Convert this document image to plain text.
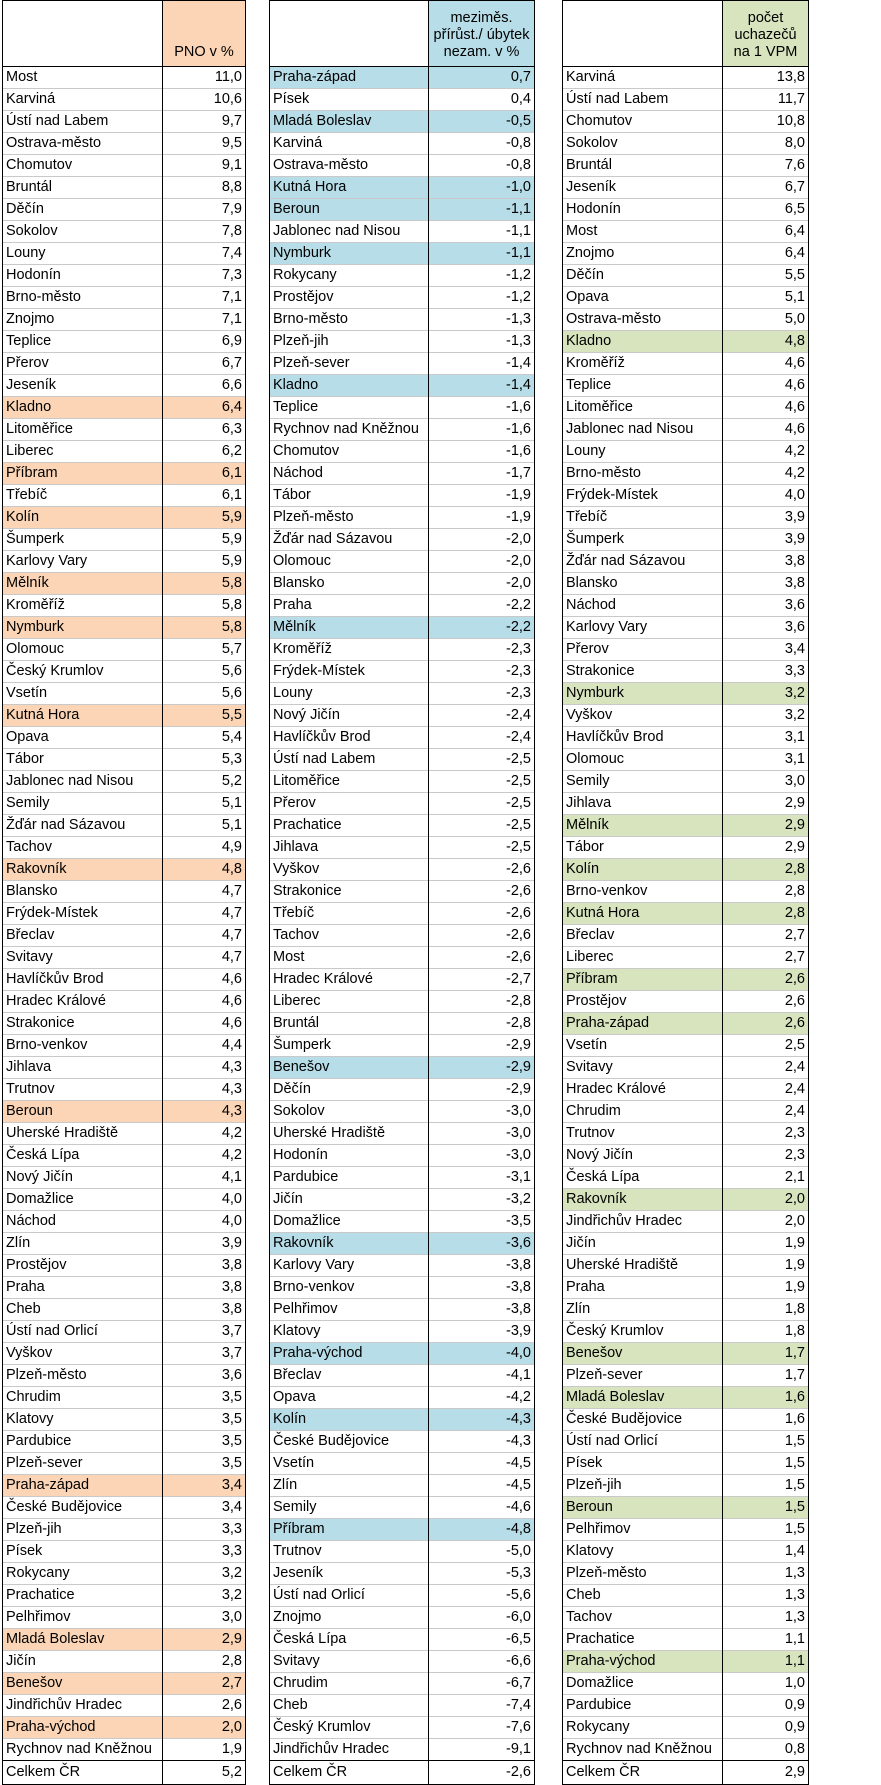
	PNO v %
Most	11,0
Karviná	10,6
Ústí nad Labem	9,7
Ostrava-město	9,5
Chomutov	9,1
Bruntál	8,8
Děčín	7,9
Sokolov	7,8
Louny	7,4
Hodonín	7,3
Brno-město	7,1
Znojmo	7,1
Teplice	6,9
Přerov	6,7
Jeseník	6,6
Kladno	6,4
Litoměřice	6,3
Liberec	6,2
Příbram	6,1
Třebíč	6,1
Kolín	5,9
Šumperk	5,9
Karlovy Vary	5,9
Mělník	5,8
Kroměříž	5,8
Nymburk	5,8
Olomouc	5,7
Český Krumlov	5,6
Vsetín	5,6
Kutná Hora	5,5
Opava	5,4
Tábor	5,3
Jablonec nad Nisou	5,2
Semily	5,1
Žďár nad Sázavou	5,1
Tachov	4,9
Rakovník	4,8
Blansko	4,7
Frýdek-Místek	4,7
Břeclav	4,7
Svitavy	4,7
Havlíčkův Brod	4,6
Hradec Králové	4,6
Strakonice	4,6
Brno-venkov	4,4
Jihlava	4,3
Trutnov	4,3
Beroun	4,3
Uherské Hradiště	4,2
Česká Lípa	4,2
Nový Jičín	4,1
Domažlice	4,0
Náchod	4,0
Zlín	3,9
Prostějov	3,8
Praha	3,8
Cheb	3,8
Ústí nad Orlicí	3,7
Vyškov	3,7
Plzeň-město	3,6
Chrudim	3,5
Klatovy	3,5
Pardubice	3,5
Plzeň-sever	3,5
Praha-západ	3,4
České Budějovice	3,4
Plzeň-jih	3,3
Písek	3,3
Rokycany	3,2
Prachatice	3,2
Pelhřimov	3,0
Mladá Boleslav	2,9
Jičín	2,8
Benešov	2,7
Jindřichův Hradec	2,6
Praha-východ	2,0
Rychnov nad Kněžnou	1,9
Celkem ČR	5,2

	meziměs.
přírůst./ úbytek
nezam. v %

Praha-západ	0,7
Písek	0,4
Mladá Boleslav	-0,5
Karviná	-0,8
Ostrava-město	-0,8
Kutná Hora	-1,0
Beroun	-1,1
Jablonec nad Nisou	-1,1
Nymburk	-1,1
Rokycany	-1,2
Prostějov	-1,2
Brno-město	-1,3
Plzeň-jih	-1,3
Plzeň-sever	-1,4
Kladno	-1,4
Teplice	-1,6
Rychnov nad Kněžnou	-1,6
Chomutov	-1,6
Náchod	-1,7
Tábor	-1,9
Plzeň-město	-1,9
Žďár nad Sázavou	-2,0
Olomouc	-2,0
Blansko	-2,0
Praha	-2,2
Mělník	-2,2
Kroměříž	-2,3
Frýdek-Místek	-2,3
Louny	-2,3
Nový Jičín	-2,4
Havlíčkův Brod	-2,4
Ústí nad Labem	-2,5
Litoměřice	-2,5
Přerov	-2,5
Prachatice	-2,5
Jihlava	-2,5
Vyškov	-2,6
Strakonice	-2,6
Třebíč	-2,6
Tachov	-2,6
Most	-2,6
Hradec Králové	-2,7
Liberec	-2,8
Bruntál	-2,8
Šumperk	-2,9
Benešov	-2,9
Děčín	-2,9
Sokolov	-3,0
Uherské Hradiště	-3,0
Hodonín	-3,0
Pardubice	-3,1
Jičín	-3,2
Domažlice	-3,5
Rakovník	-3,6
Karlovy Vary	-3,8
Brno-venkov	-3,8
Pelhřimov	-3,8
Klatovy	-3,9
Praha-východ	-4,0
Břeclav	-4,1
Opava	-4,2
Kolín	-4,3
České Budějovice	-4,3
Vsetín	-4,5
Zlín	-4,5
Semily	-4,6
Příbram	-4,8
Trutnov	-5,0
Jeseník	-5,3
Ústí nad Orlicí	-5,6
Znojmo	-6,0
Česká Lípa	-6,5
Svitavy	-6,6
Chrudim	-6,7
Cheb	-7,4
Český Krumlov	-7,6
Jindřichův Hradec	-9,1
Celkem ČR	-2,6

	počet
uchazečů
na 1 VPM

Karviná	13,8
Ústí nad Labem	11,7
Chomutov	10,8
Sokolov	8,0
Bruntál	7,6
Jeseník	6,7
Hodonín	6,5
Most	6,4
Znojmo	6,4
Děčín	5,5
Opava	5,1
Ostrava-město	5,0
Kladno	4,8
Kroměříž	4,6
Teplice	4,6
Litoměřice	4,6
Jablonec nad Nisou	4,6
Louny	4,2
Brno-město	4,2
Frýdek-Místek	4,0
Třebíč	3,9
Šumperk	3,9
Žďár nad Sázavou	3,8
Blansko	3,8
Náchod	3,6
Karlovy Vary	3,6
Přerov	3,4
Strakonice	3,3
Nymburk	3,2
Vyškov	3,2
Havlíčkův Brod	3,1
Olomouc	3,1
Semily	3,0
Jihlava	2,9
Mělník	2,9
Tábor	2,9
Kolín	2,8
Brno-venkov	2,8
Kutná Hora	2,8
Břeclav	2,7
Liberec	2,7
Příbram	2,6
Prostějov	2,6
Praha-západ	2,6
Vsetín	2,5
Svitavy	2,4
Hradec Králové	2,4
Chrudim	2,4
Trutnov	2,3
Nový Jičín	2,3
Česká Lípa	2,1
Rakovník	2,0
Jindřichův Hradec	2,0
Jičín	1,9
Uherské Hradiště	1,9
Praha	1,9
Zlín	1,8
Český Krumlov	1,8
Benešov	1,7
Plzeň-sever	1,7
Mladá Boleslav	1,6
České Budějovice	1,6
Ústí nad Orlicí	1,5
Písek	1,5
Plzeň-jih	1,5
Beroun	1,5
Pelhřimov	1,5
Klatovy	1,4
Plzeň-město	1,3
Cheb	1,3
Tachov	1,3
Prachatice	1,1
Praha-východ	1,1
Domažlice	1,0
Pardubice	0,9
Rokycany	0,9
Rychnov nad Kněžnou	0,8
Celkem ČR	2,9
